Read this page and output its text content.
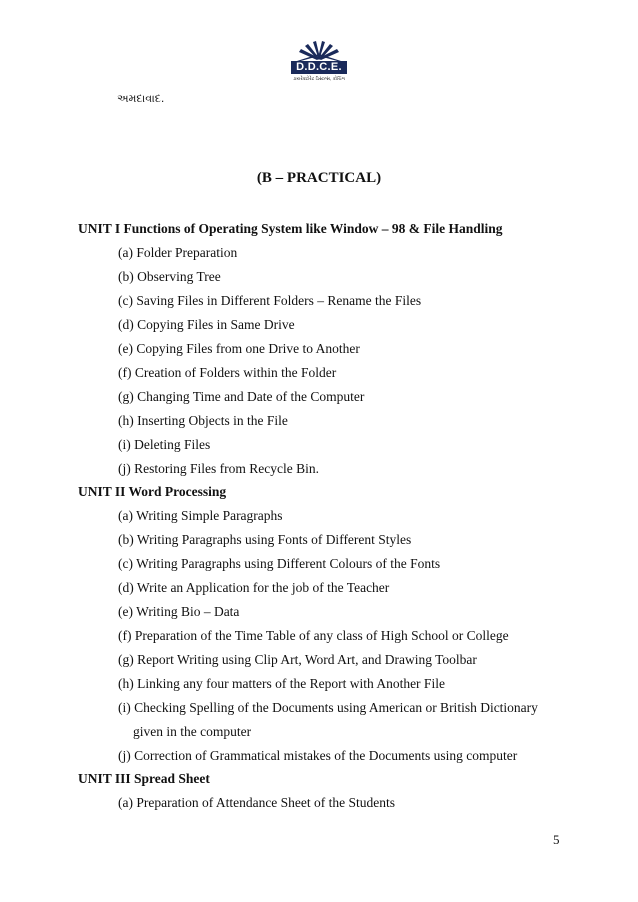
D.D.C.E.
ડાયરેક્ટોરેટ ડિસ્ટન્સ, કોચિંગ
અમદાવાદ.
(B – PRACTICAL)
UNIT I Functions of Operating System like Window – 98 & File Handling
(a) Folder Preparation
(b) Observing Tree
(c) Saving Files in Different Folders – Rename the Files
(d) Copying Files in Same Drive
(e) Copying Files from one Drive to Another
(f) Creation of Folders within the Folder
(g) Changing Time and Date of the Computer
(h) Inserting Objects in the File
(i) Deleting Files
(j) Restoring Files from Recycle Bin.
UNIT II Word Processing
(a) Writing Simple Paragraphs
(b) Writing Paragraphs using Fonts of Different Styles
(c) Writing Paragraphs using Different Colours of the Fonts
(d) Write an Application for the job of the Teacher
(e) Writing Bio – Data
(f) Preparation of the Time Table of any class of High School or College
(g) Report Writing using Clip Art, Word Art, and Drawing Toolbar
(h) Linking any four matters of the Report with Another File
(i) Checking Spelling of the Documents using American or British Dictionary
given in the computer
(j) Correction of Grammatical mistakes of the Documents using computer
UNIT III Spread Sheet
(a) Preparation of Attendance Sheet of the Students
5
